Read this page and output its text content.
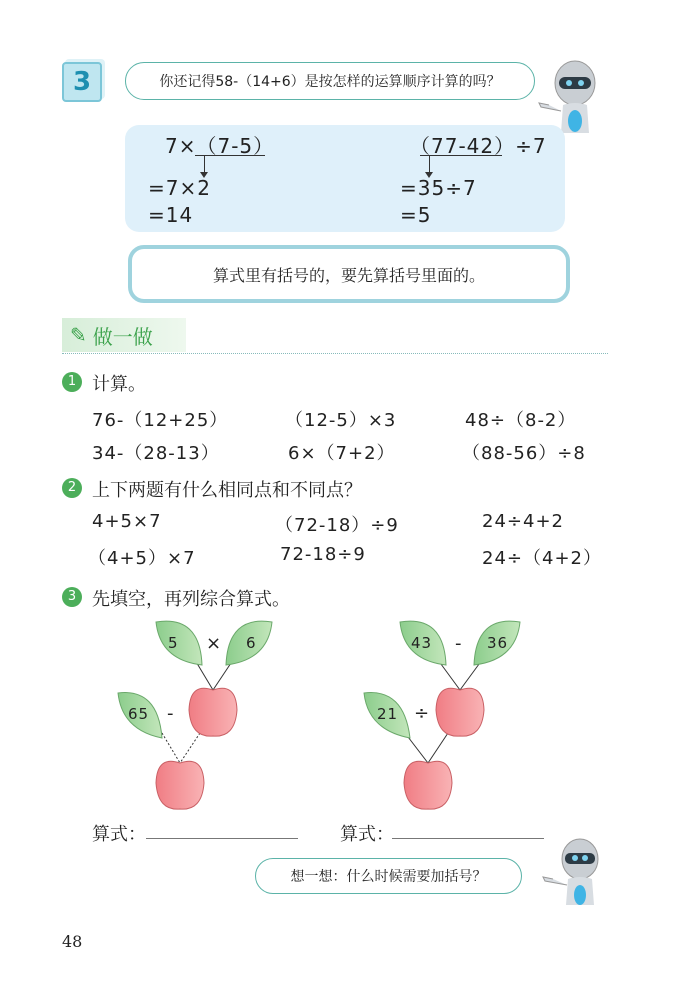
3	你还记得58-（14+6）是按怎样的运算顺序计算的吗？
7×（7-5）
=7×2
=14
（77-42）÷7
=35÷7
=5
算式里有括号的，要先算括号里面的。
✎ 做一做
1 计算。
76-（12+25）	（12-5）×3	48÷（8-2）
34-（28-13）	6×（7+2）	（88-56）÷8
2 上下两题有什么相同点和不同点？
4+5×7	（72-18）÷9	24÷4+2
（4+5）×7	72-18÷9	24÷（4+2）
3 先填空，再列综合算式。
5 × 6
65 -
43 - 36
21 ÷
算式：	算式：
想一想：什么时候需要加括号？
48
